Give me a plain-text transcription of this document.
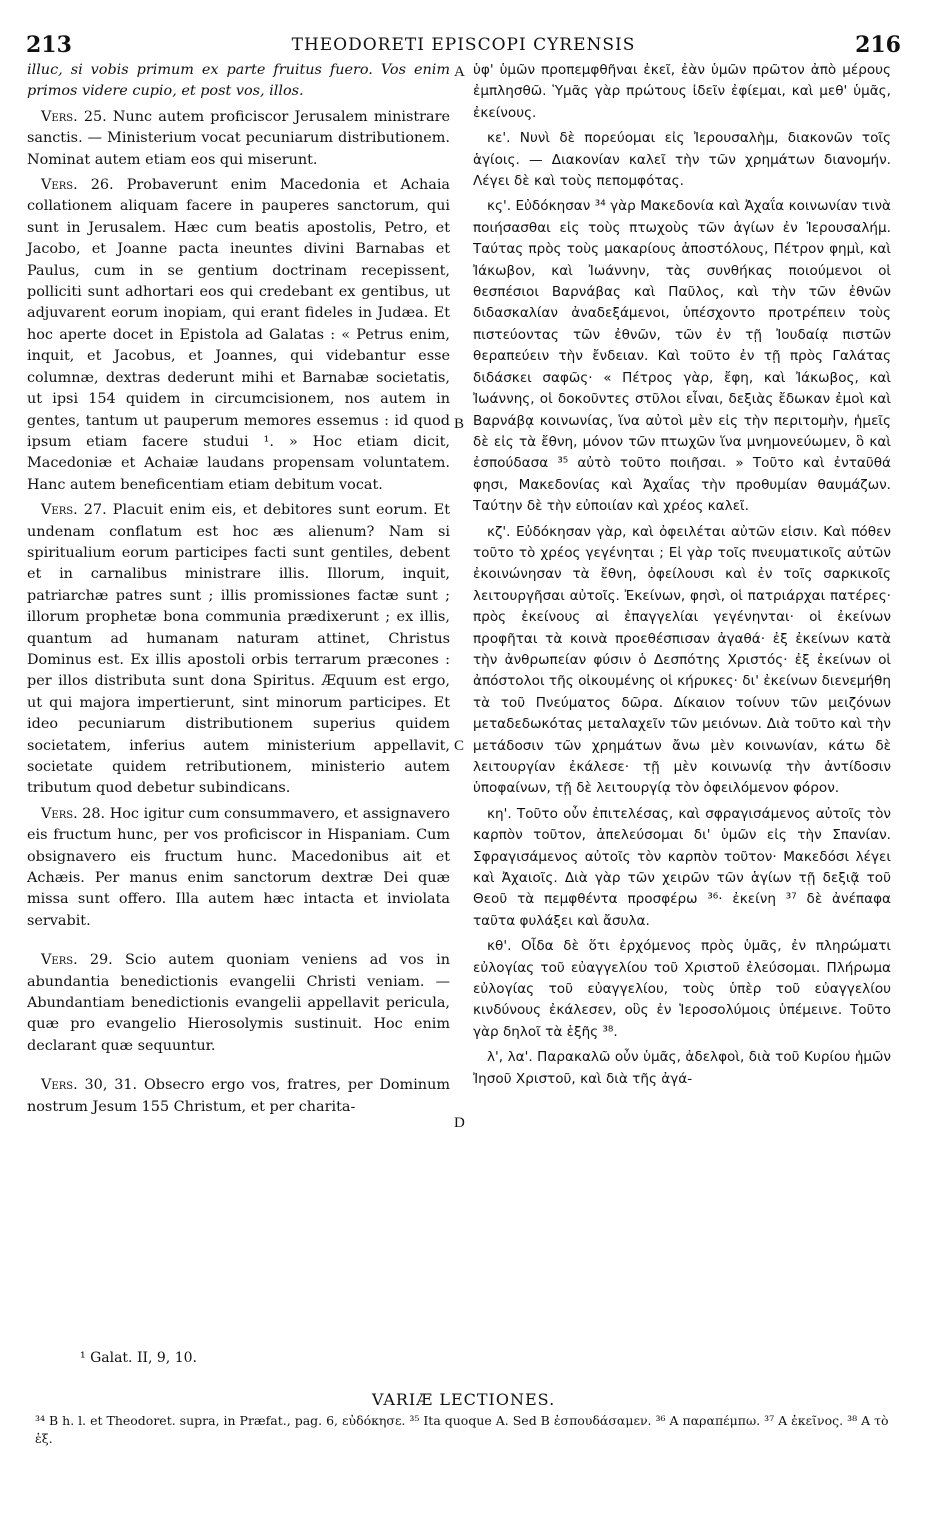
213	THEODORETI EPISCOPI CYRENSIS	216

illuc, si vobis primum ex parte fruitus fuero. Vos enim primos videre cupio, et post vos, illos.

Vers. 25. Nunc autem proficiscor Jerusalem ministrare sanctis. — Ministerium vocat pecuniarum distributionem. Nominat autem etiam eos qui miserunt.

Vers. 26. Probaverunt enim Macedonia et Achaia collationem aliquam facere in pauperes sanctorum, qui sunt in Jerusalem. Hæc cum beatis apostolis, Petro, et Jacobo, et Joanne pacta ineuntes divini Barnabas et Paulus, cum in se gentium doctrinam recepissent, polliciti sunt adhortari eos qui credebant ex gentibus, ut adjuvarent eorum inopiam, qui erant fideles in Judæa. Et hoc aperte docet in Epistola ad Galatas : « Petrus enim, inquit, et Jacobus, et Joannes, qui videbantur esse columnæ, dextras dederunt mihi et Barnabæ societatis, ut ipsi 154 quidem in circumcisionem, nos autem in gentes, tantum ut pauperum memores essemus : id quod ipsum etiam facere studui ¹. » Hoc etiam dicit, Macedoniæ et Achaiæ laudans propensam voluntatem. Hanc autem beneficentiam etiam debitum vocat.

Vers. 27. Placuit enim eis, et debitores sunt eorum. Et undenam conflatum est hoc æs alienum? Nam si spiritualium eorum participes facti sunt gentiles, debent et in carnalibus ministrare illis. Illorum, inquit, patriarchæ patres sunt ; illis promissiones factæ sunt ; illorum prophetæ bona communia prædixerunt ; ex illis, quantum ad humanam naturam attinet, Christus Dominus est. Ex illis apostoli orbis terrarum præcones : per illos distributa sunt dona Spiritus. Æquum est ergo, ut qui majora impertierunt, sint minorum participes. Et ideo pecuniarum distributionem superius quidem societatem, inferius autem ministerium appellavit, societate quidem retributionem, ministerio autem tributum quod debetur subindicans.

Vers. 28. Hoc igitur cum consummavero, et assignavero eis fructum hunc, per vos proficiscor in Hispaniam. Cum obsignavero eis fructum hunc. Macedonibus ait et Achæis. Per manus enim sanctorum dextræ Dei quæ missa sunt offero. Illa autem hæc intacta et inviolata servabit.

Vers. 29. Scio autem quoniam veniens ad vos in abundantia benedictionis evangelii Christi veniam. — Abundantiam benedictionis evangelii appellavit pericula, quæ pro evangelio Hierosolymis sustinuit. Hoc enim declarant quæ sequuntur.

Vers. 30, 31. Obsecro ergo vos, fratres, per Dominum nostrum Jesum 155 Christum, et per charita-

A
B
C
D

ὑφ' ὑμῶν προπεμφθῆναι ἐκεῖ, ἐὰν ὑμῶν πρῶτον ἀπὸ μέρους ἐμπλησθῶ. Ὑμᾶς γὰρ πρώτους ἰδεῖν ἐφίεμαι, καὶ μεθ' ὑμᾶς, ἐκείνους.

κε'. Νυνὶ δὲ πορεύομαι εἰς Ἰερουσαλὴμ, διακονῶν τοῖς ἁγίοις. — Διακονίαν καλεῖ τὴν τῶν χρημάτων διανομήν. Λέγει δὲ καὶ τοὺς πεπομφότας.

κς'. Εὐδόκησαν ³⁴ γὰρ Μακεδονία καὶ Ἀχαΐα κοινωνίαν τινὰ ποιήσασθαι εἰς τοὺς πτωχοὺς τῶν ἁγίων ἐν Ἰερουσαλήμ. Ταύτας πρὸς τοὺς μακαρίους ἀποστόλους, Πέτρον φημὶ, καὶ Ἰάκωβον, καὶ Ἰωάννην, τὰς συνθήκας ποιούμενοι οἱ θεσπέσιοι Βαρνάβας καὶ Παῦλος, καὶ τὴν τῶν ἐθνῶν διδασκαλίαν ἀναδεξάμενοι, ὑπέσχοντο προτρέπειν τοὺς πιστεύοντας τῶν ἐθνῶν, τῶν ἐν τῇ Ἰουδαίᾳ πιστῶν θεραπεύειν τὴν ἔνδειαν. Καὶ τοῦτο ἐν τῇ πρὸς Γαλάτας διδάσκει σαφῶς· « Πέτρος γὰρ, ἔφη, καὶ Ἰάκωβος, καὶ Ἰωάννης, οἱ δοκοῦντες στῦλοι εἶναι, δεξιὰς ἔδωκαν ἐμοὶ καὶ Βαρνάβᾳ κοινωνίας, ἵνα αὐτοὶ μὲν εἰς τὴν περιτομὴν, ἡμεῖς δὲ εἰς τὰ ἔθνη, μόνον τῶν πτωχῶν ἵνα μνημονεύωμεν, ὃ καὶ ἐσπούδασα ³⁵ αὐτὸ τοῦτο ποιῆσαι. » Τοῦτο καὶ ἐνταῦθά φησι, Μακεδονίας καὶ Ἀχαΐας τὴν προθυμίαν θαυμάζων. Ταύτην δὲ τὴν εὐποιίαν καὶ χρέος καλεῖ.

κζ'. Εὐδόκησαν γὰρ, καὶ ὀφειλέται αὐτῶν εἰσιν. Καὶ πόθεν τοῦτο τὸ χρέος γεγένηται ; Εἰ γὰρ τοῖς πνευματικοῖς αὐτῶν ἐκοινώνησαν τὰ ἔθνη, ὀφείλουσι καὶ ἐν τοῖς σαρκικοῖς λειτουργῆσαι αὐτοῖς. Ἐκείνων, φησὶ, οἱ πατριάρχαι πατέρες· πρὸς ἐκείνους αἱ ἐπαγγελίαι γεγένηνται· οἱ ἐκείνων προφῆται τὰ κοινὰ προεθέσπισαν ἀγαθά· ἐξ ἐκείνων κατὰ τὴν ἀνθρωπείαν φύσιν ὁ Δεσπότης Χριστός· ἐξ ἐκείνων οἱ ἀπόστολοι τῆς οἰκουμένης οἱ κήρυκες· δι' ἐκείνων διενεμήθη τὰ τοῦ Πνεύματος δῶρα. Δίκαιον τοίνυν τῶν μειζόνων μεταδεδωκότας μεταλαχεῖν τῶν μειόνων. Διὰ τοῦτο καὶ τὴν μετάδοσιν τῶν χρημάτων ἄνω μὲν κοινωνίαν, κάτω δὲ λειτουργίαν ἐκάλεσε· τῇ μὲν κοινωνίᾳ τὴν ἀντίδοσιν ὑποφαίνων, τῇ δὲ λειτουργίᾳ τὸν ὀφειλόμενον φόρον.

κη'. Τοῦτο οὖν ἐπιτελέσας, καὶ σφραγισάμενος αὐτοῖς τὸν καρπὸν τοῦτον, ἀπελεύσομαι δι' ὑμῶν εἰς τὴν Σπανίαν. Σφραγισάμενος αὐτοῖς τὸν καρπὸν τοῦτον· Μακεδόσι λέγει καὶ Ἀχαιοῖς. Διὰ γὰρ τῶν χειρῶν τῶν ἁγίων τῇ δεξιᾷ τοῦ Θεοῦ τὰ πεμφθέντα προσφέρω ³⁶· ἐκείνη ³⁷ δὲ ἀνέπαφα ταῦτα φυλάξει καὶ ἄσυλα.

κθ'. Οἶδα δὲ ὅτι ἐρχόμενος πρὸς ὑμᾶς, ἐν πληρώματι εὐλογίας τοῦ εὐαγγελίου τοῦ Χριστοῦ ἐλεύσομαι. Πλήρωμα εὐλογίας τοῦ εὐαγγελίου, τοὺς ὑπὲρ τοῦ εὐαγγελίου κινδύνους ἐκάλεσεν, οὓς ἐν Ἱεροσολύμοις ὑπέμεινε. Τοῦτο γὰρ δηλοῖ τὰ ἑξῆς ³⁸.

λ', λα'. Παρακαλῶ οὖν ὑμᾶς, ἀδελφοὶ, διὰ τοῦ Κυρίου ἡμῶν Ἰησοῦ Χριστοῦ, καὶ διὰ τῆς ἀγά-

¹ Galat. II, 9, 10.
VARIÆ LECTIONES.
³⁴ B h. l. et Theodoret. supra, in Præfat., pag. 6, εὐδόκησε. ³⁵ Ita quoque A. Sed B ἐσπουδάσαμεν. ³⁶ A παραπέμπω. ³⁷ A ἐκεῖνος. ³⁸ A τὸ ἑξ.
